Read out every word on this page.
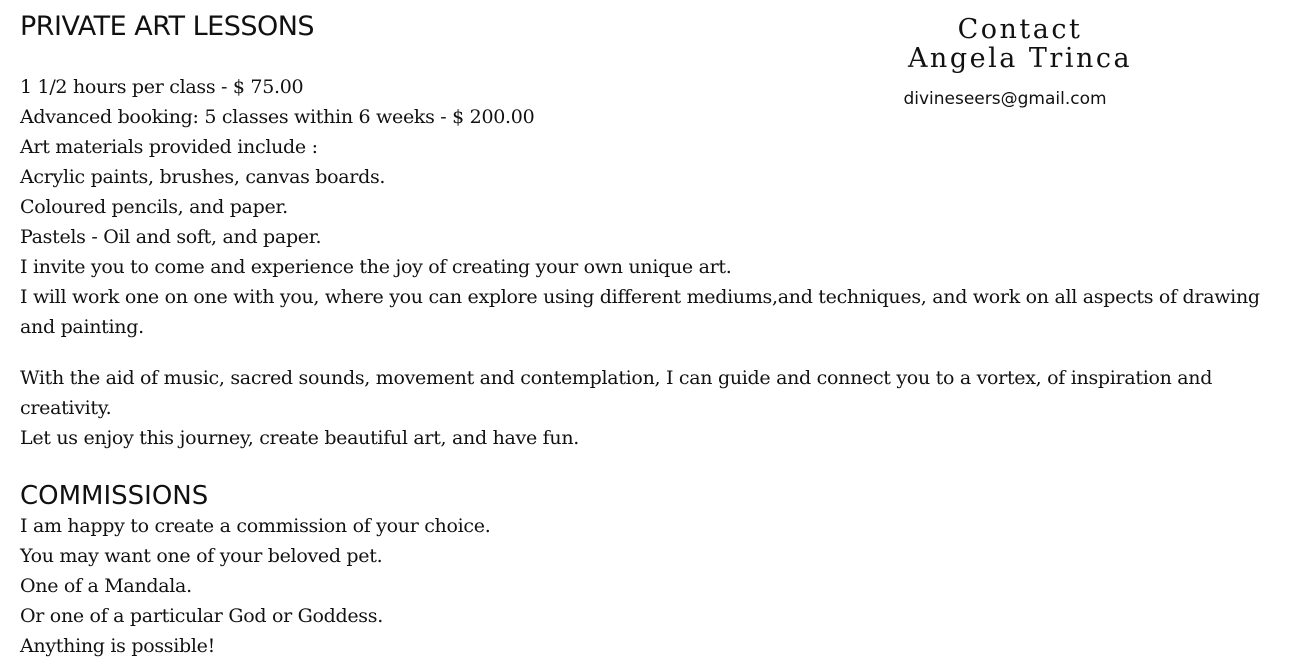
PRIVATE ART LESSONS	Contact
Angela Trinca
divineseers@gmail.com
1 1/2 hours per class - $ 75.00
Advanced booking: 5 classes within 6 weeks - $ 200.00
Art materials provided include :
Acrylic paints, brushes, canvas boards.
Coloured pencils, and paper.
Pastels - Oil and soft, and paper.
I invite you to come and experience the joy of creating your own unique art.
I will work one on one with you, where you can explore using different mediums,and techniques, and work on all aspects of drawing and painting.
With the aid of music, sacred sounds, movement and contemplation, I can guide and connect you to a vortex, of inspiration and creativity.
Let us enjoy this journey, create beautiful art, and have fun.
COMMISSIONS
I am happy to create a commission of your choice.
You may want one of your beloved pet.
One of a Mandala.
Or one of a particular God or Goddess.
Anything is possible!
